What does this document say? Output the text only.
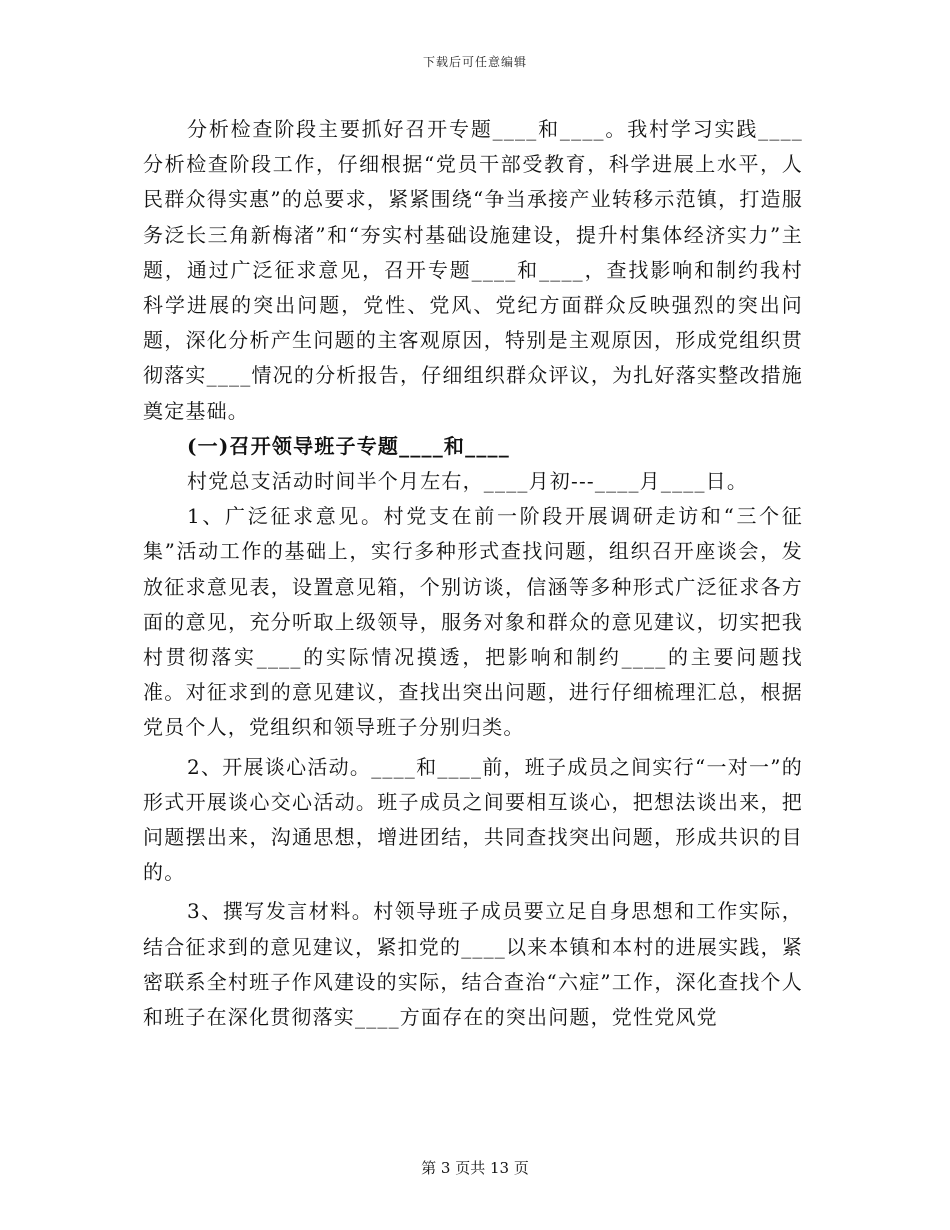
下载后可任意编辑

分析检查阶段主要抓好召开专题____和____。我村学习实践____分析检查阶段工作，仔细根据“党员干部受教育，科学进展上水平，人民群众得实惠”的总要求，紧紧围绕“争当承接产业转移示范镇，打造服务泛长三角新梅渚”和“夯实村基础设施建设，提升村集体经济实力”主题，通过广泛征求意见，召开专题____和____，查找影响和制约我村科学进展的突出问题，党性、党风、党纪方面群众反映强烈的突出问题，深化分析产生问题的主客观原因，特别是主观原因，形成党组织贯彻落实____情况的分析报告，仔细组织群众评议，为扎好落实整改措施奠定基础。

(一)召开领导班子专题____和____

村党总支活动时间半个月左右，____月初---____月____日。

1、广泛征求意见。村党支在前一阶段开展调研走访和“三个征集”活动工作的基础上，实行多种形式查找问题，组织召开座谈会，发放征求意见表，设置意见箱，个别访谈，信涵等多种形式广泛征求各方面的意见，充分听取上级领导，服务对象和群众的意见建议，切实把我村贯彻落实____的实际情况摸透，把影响和制约____的主要问题找准。对征求到的意见建议，查找出突出问题，进行仔细梳理汇总，根据党员个人，党组织和领导班子分别归类。

2、开展谈心活动。____和____前，班子成员之间实行“一对一”的形式开展谈心交心活动。班子成员之间要相互谈心，把想法谈出来，把问题摆出来，沟通思想，增进团结，共同查找突出问题，形成共识的目的。

3、撰写发言材料。村领导班子成员要立足自身思想和工作实际，结合征求到的意见建议，紧扣党的____以来本镇和本村的进展实践，紧密联系全村班子作风建设的实际，结合查治“六症”工作，深化查找个人和班子在深化贯彻落实____方面存在的突出问题，党性党风党

第 3 页共 13 页
